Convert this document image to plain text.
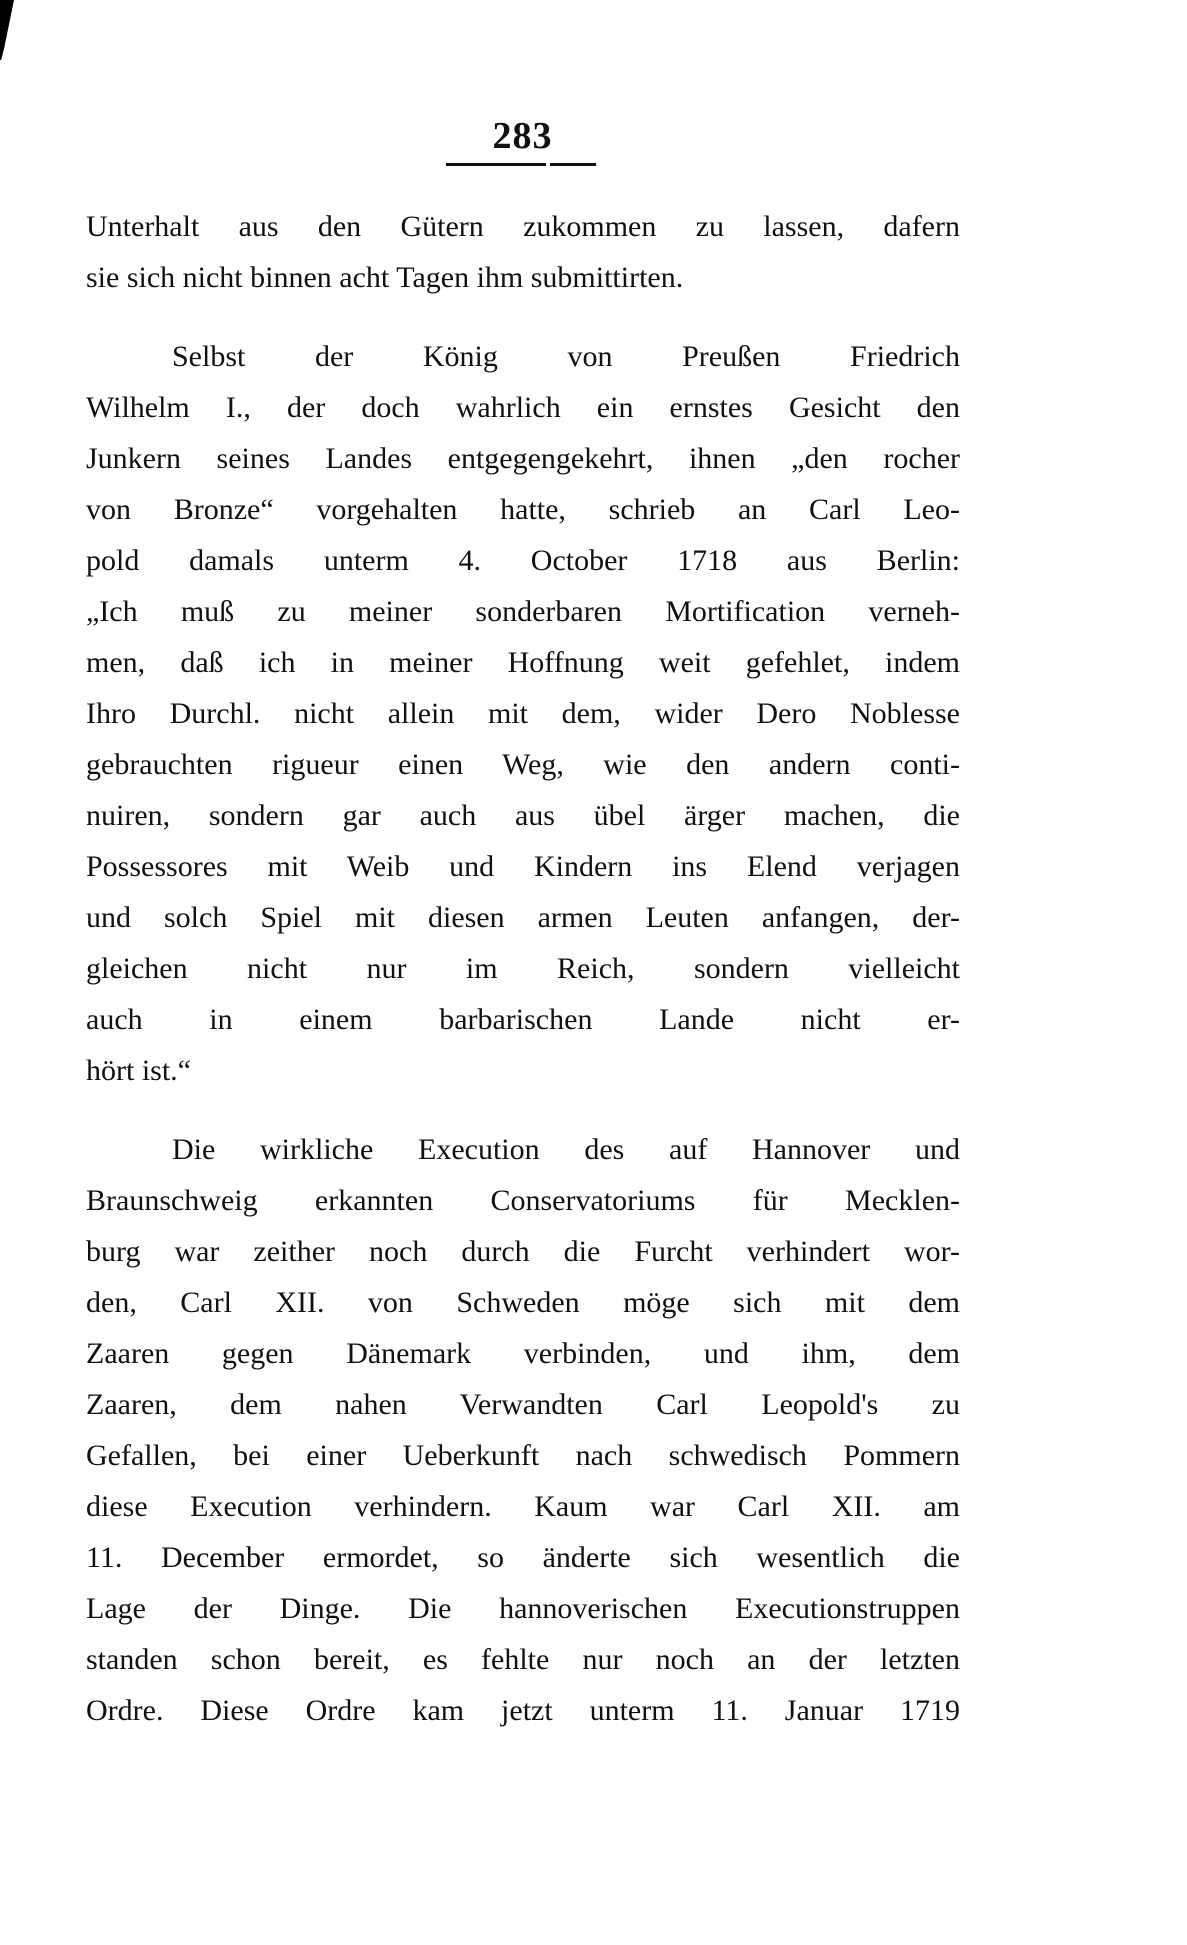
283

Unterhalt aus den Gütern zukommen zu lassen, dafern
sie sich nicht binnen acht Tagen ihm submittirten.

Selbst der König von Preußen Friedrich
Wilhelm I., der doch wahrlich ein ernstes Gesicht den
Junkern seines Landes entgegengekehrt, ihnen „den rocher
von Bronze“ vorgehalten hatte, schrieb an Carl Leo-
pold damals unterm 4. October 1718 aus Berlin:
„Ich muß zu meiner sonderbaren Mortification verneh-
men, daß ich in meiner Hoffnung weit gefehlet, indem
Ihro Durchl. nicht allein mit dem, wider Dero Noblesse
gebrauchten rigueur einen Weg, wie den andern conti-
nuiren, sondern gar auch aus übel ärger machen, die
Possessores mit Weib und Kindern ins Elend verjagen
und solch Spiel mit diesen armen Leuten anfangen, der-
gleichen nicht nur im Reich, sondern vielleicht
auch in einem barbarischen Lande nicht er-
hört ist.“

Die wirkliche Execution des auf Hannover und
Braunschweig erkannten Conservatoriums für Mecklen-
burg war zeither noch durch die Furcht verhindert wor-
den, Carl XII. von Schweden möge sich mit dem
Zaaren gegen Dänemark verbinden, und ihm, dem
Zaaren, dem nahen Verwandten Carl Leopold's zu
Gefallen, bei einer Ueberkunft nach schwedisch Pommern
diese Execution verhindern. Kaum war Carl XII. am
11. December ermordet, so änderte sich wesentlich die
Lage der Dinge. Die hannoverischen Executionstruppen
standen schon bereit, es fehlte nur noch an der letzten
Ordre. Diese Ordre kam jetzt unterm 11. Januar 1719
